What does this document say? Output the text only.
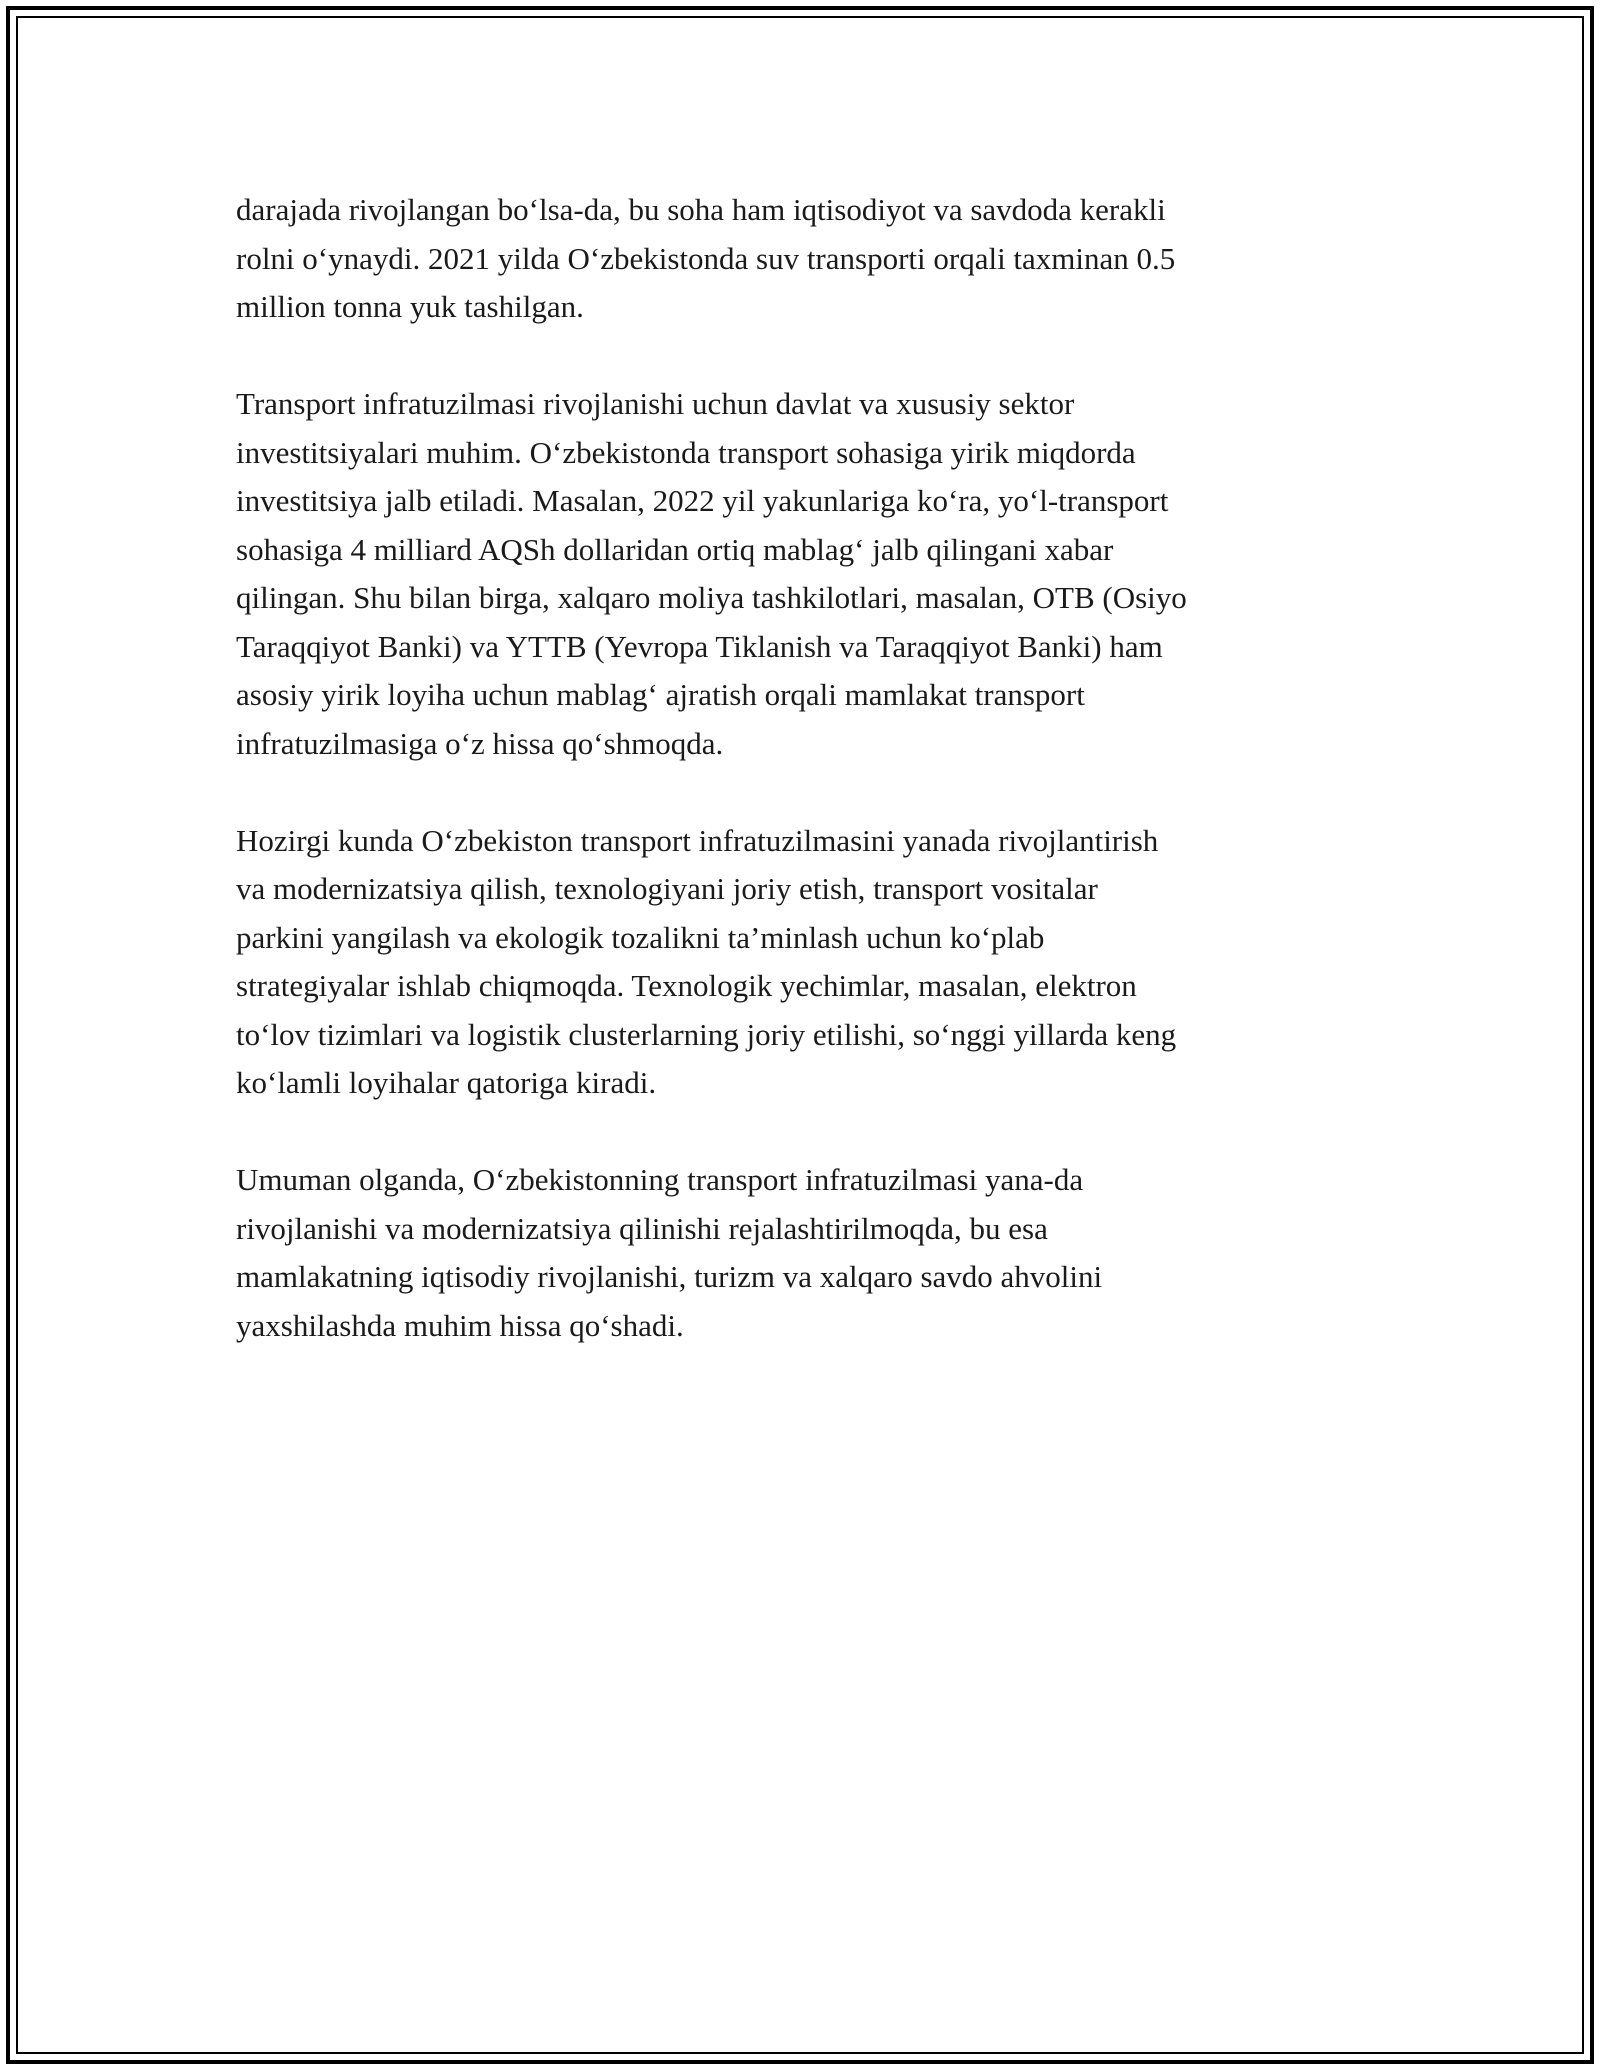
darajada rivojlangan bo‘lsa-da, bu soha ham iqtisodiyot va savdoda kerakli
rolni o‘ynaydi. 2021 yilda O‘zbekistonda suv transporti orqali taxminan 0.5
million tonna yuk tashilgan.

Transport infratuzilmasi rivojlanishi uchun davlat va xususiy sektor
investitsiyalari muhim. O‘zbekistonda transport sohasiga yirik miqdorda
investitsiya jalb etiladi. Masalan, 2022 yil yakunlariga ko‘ra, yo‘l-transport
sohasiga 4 milliard AQSh dollaridan ortiq mablag‘ jalb qilingani xabar
qilingan. Shu bilan birga, xalqaro moliya tashkilotlari, masalan, OTB (Osiyo
Taraqqiyot Banki) va YTTB (Yevropa Tiklanish va Taraqqiyot Banki) ham
asosiy yirik loyiha uchun mablag‘ ajratish orqali mamlakat transport
infratuzilmasiga o‘z hissa qo‘shmoqda.

Hozirgi kunda O‘zbekiston transport infratuzilmasini yanada rivojlantirish
va modernizatsiya qilish, texnologiyani joriy etish, transport vositalar
parkini yangilash va ekologik tozalikni ta’minlash uchun ko‘plab
strategiyalar ishlab chiqmoqda. Texnologik yechimlar, masalan, elektron
to‘lov tizimlari va logistik clusterlarning joriy etilishi, so‘nggi yillarda keng
ko‘lamli loyihalar qatoriga kiradi.

Umuman olganda, O‘zbekistonning transport infratuzilmasi yana-da
rivojlanishi va modernizatsiya qilinishi rejalashtirilmoqda, bu esa
mamlakatning iqtisodiy rivojlanishi, turizm va xalqaro savdo ahvolini
yaxshilashda muhim hissa qo‘shadi.
